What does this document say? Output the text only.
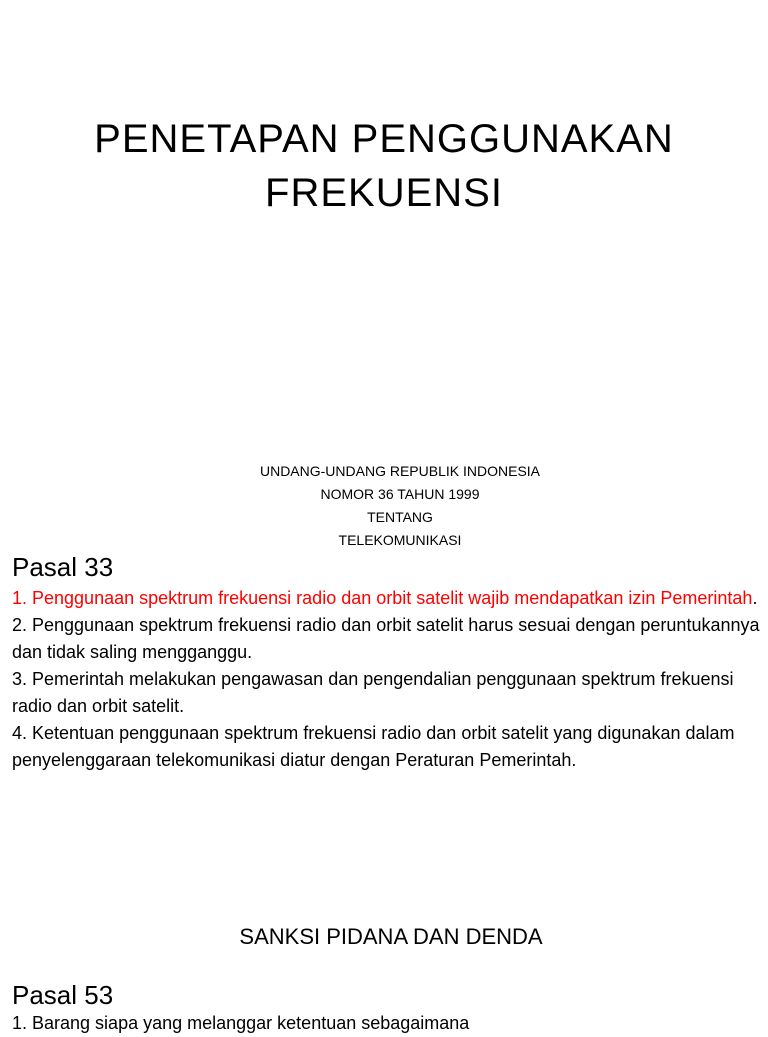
PENETAPAN PENGGUNAKAN
FREKUENSI
UNDANG-UNDANG REPUBLIK INDONESIA
NOMOR 36 TAHUN 1999
TENTANG
TELEKOMUNIKASI
Pasal 33

1. Penggunaan spektrum frekuensi radio dan orbit satelit wajib mendapatkan izin Pemerintah.

2. Penggunaan spektrum frekuensi radio dan orbit satelit harus sesuai dengan peruntukannya dan tidak saling mengganggu.

3. Pemerintah melakukan pengawasan dan pengendalian penggunaan spektrum frekuensi radio dan orbit satelit.

4. Ketentuan penggunaan spektrum frekuensi radio dan orbit satelit yang digunakan dalam penyelenggaraan telekomunikasi diatur dengan Peraturan Pemerintah.

SANKSI PIDANA DAN DENDA
Pasal 53
1. Barang siapa yang melanggar ketentuan sebagaimana
